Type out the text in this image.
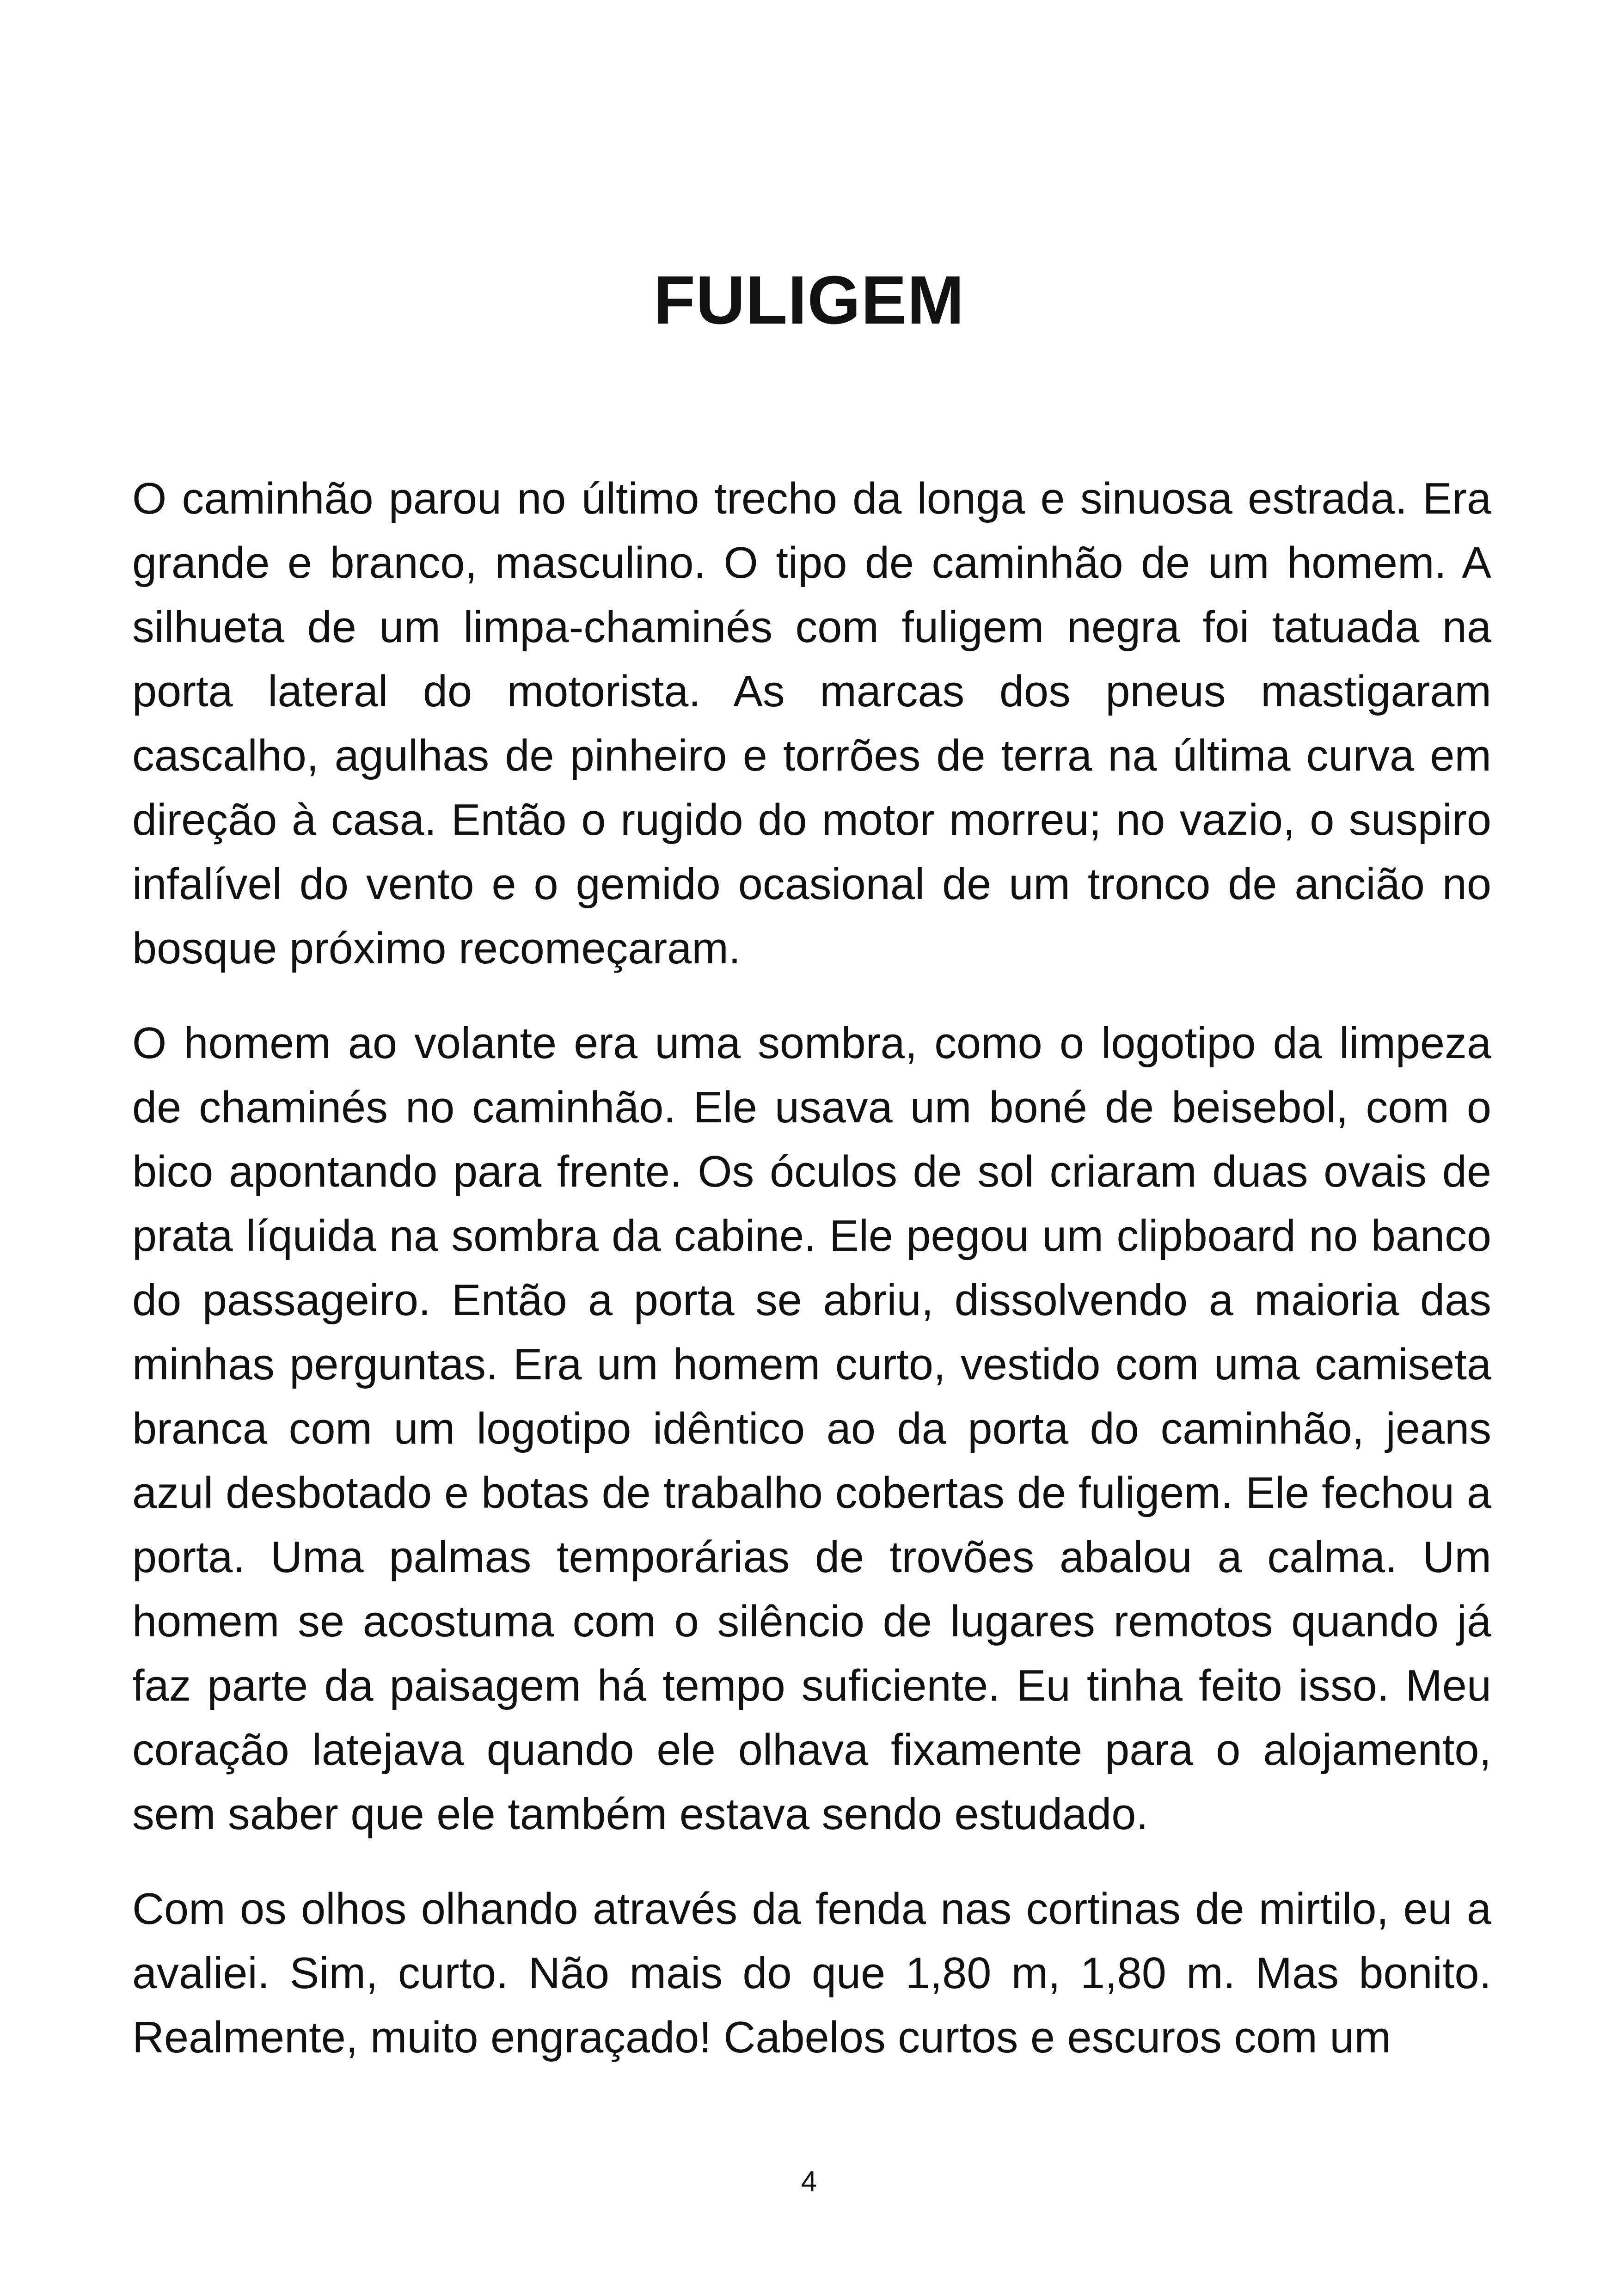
FULIGEM

O caminhão parou no último trecho da longa e sinuosa estrada. Era grande e branco, masculino. O tipo de caminhão de um homem. A silhueta de um limpa-chaminés com fuligem negra foi tatuada na porta lateral do motorista. As marcas dos pneus mastigaram cascalho, agulhas de pinheiro e torrões de terra na última curva em direção à casa. Então o rugido do motor morreu; no vazio, o suspiro infalível do vento e o gemido ocasional de um tronco de ancião no bosque próximo recomeçaram.

O homem ao volante era uma sombra, como o logotipo da limpeza de chaminés no caminhão. Ele usava um boné de beisebol, com o bico apontando para frente. Os óculos de sol criaram duas ovais de prata líquida na sombra da cabine. Ele pegou um clipboard no banco do passageiro. Então a porta se abriu, dissolvendo a maioria das minhas perguntas. Era um homem curto, vestido com uma camiseta branca com um logotipo idêntico ao da porta do caminhão, jeans azul desbotado e botas de trabalho cobertas de fuligem. Ele fechou a porta. Uma palmas temporárias de trovões abalou a calma. Um homem se acostuma com o silêncio de lugares remotos quando já faz parte da paisagem há tempo suficiente. Eu tinha feito isso. Meu coração latejava quando ele olhava fixamente para o alojamento, sem saber que ele também estava sendo estudado.

Com os olhos olhando através da fenda nas cortinas de mirtilo, eu a avaliei. Sim, curto. Não mais do que 1,80 m, 1,80 m. Mas bonito. Realmente, muito engraçado! Cabelos curtos e escuros com um

4
